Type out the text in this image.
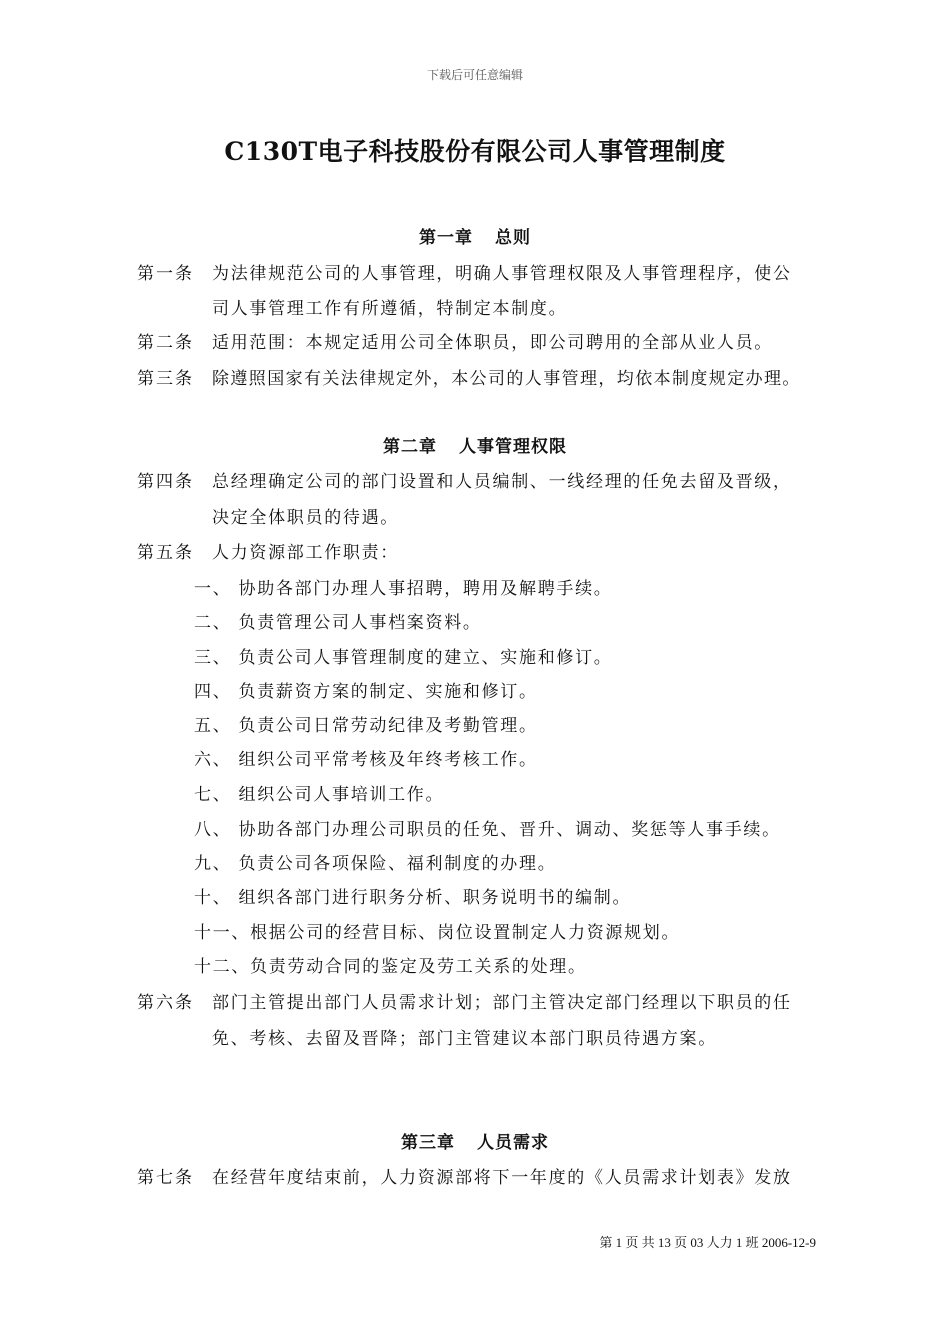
下载后可任意编辑
C130T电子科技股份有限公司人事管理制度
第一章 总则
第一条 为法律规范公司的人事管理，明确人事管理权限及人事管理程序，使公
司人事管理工作有所遵循，特制定本制度。
第二条 适用范围：本规定适用公司全体职员，即公司聘用的全部从业人员。
第三条 除遵照国家有关法律规定外，本公司的人事管理，均依本制度规定办理。
第二章 人事管理权限
第四条 总经理确定公司的部门设置和人员编制、一线经理的任免去留及晋级，
决定全体职员的待遇。
第五条 人力资源部工作职责：
一、 协助各部门办理人事招聘，聘用及解聘手续。
二、 负责管理公司人事档案资料。
三、 负责公司人事管理制度的建立、实施和修订。
四、 负责薪资方案的制定、实施和修订。
五、 负责公司日常劳动纪律及考勤管理。
六、 组织公司平常考核及年终考核工作。
七、 组织公司人事培训工作。
八、 协助各部门办理公司职员的任免、晋升、调动、奖惩等人事手续。
九、 负责公司各项保险、福利制度的办理。
十、 组织各部门进行职务分析、职务说明书的编制。
十一、根据公司的经营目标、岗位设置制定人力资源规划。
十二、负责劳动合同的鉴定及劳工关系的处理。
第六条 部门主管提出部门人员需求计划；部门主管决定部门经理以下职员的任
免、考核、去留及晋降；部门主管建议本部门职员待遇方案。
第三章 人员需求
第七条 在经营年度结束前，人力资源部将下一年度的《人员需求计划表》发放
第 1 页 共 13 页 03 人力 1 班 2006-12-9
